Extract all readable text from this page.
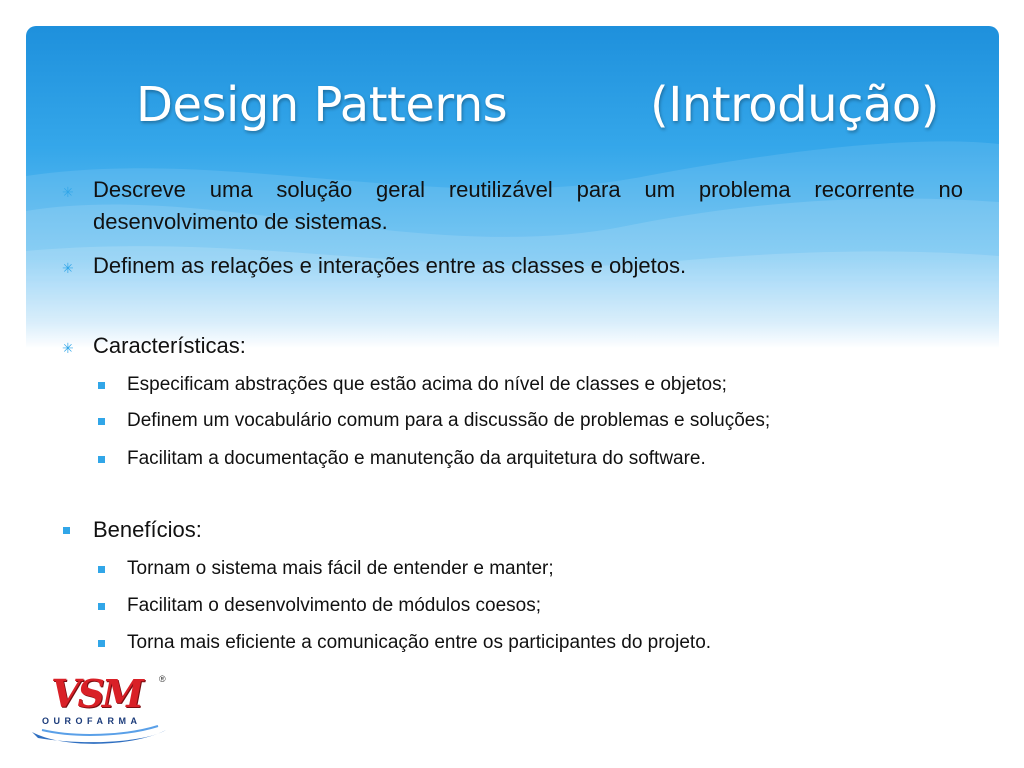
Design Patterns	(Introdução)
✳ Descreve uma solução geral reutilizável para um problema recorrente no desenvolvimento de sistemas.
✳ Definem as relações e interações entre as classes e objetos.
✳ Características:
Especificam abstrações que estão acima do nível de classes e objetos;
Definem um vocabulário comum para a discussão de problemas e soluções;
Facilitam a documentação e manutenção da arquitetura do software.
Benefícios:
Tornam o sistema mais fácil de entender e manter;
Facilitam o desenvolvimento de módulos coesos;
Torna mais eficiente a comunicação entre os participantes do projeto.
VSM	®
OUROFARMA
